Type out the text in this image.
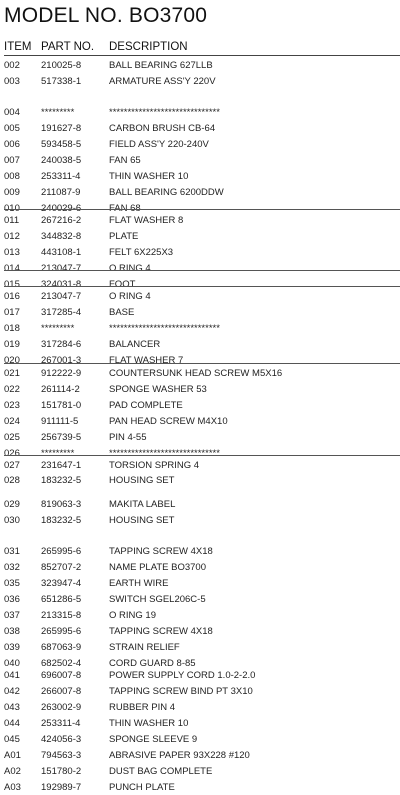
MODEL NO. BO3700
ITEM PART NO. DESCRIPTION
002 210025-8	BALL BEARING 627LLB
003 517338-1	ARMATURE ASS'Y 220V
004 *********	******************************
005 191627-8	CARBON BRUSH CB-64
006 593458-5	FIELD ASS'Y 220-240V
007 240038-5	FAN 65
008 253311-4	THIN WASHER 10
009 211087-9	BALL BEARING 6200DDW
010 240029-6	FAN 68
011 267216-2	FLAT WASHER 8
012 344832-8	PLATE
013 443108-1	FELT 6X225X3
014 213047-7	O RING 4
015 324031-8	FOOT
016 213047-7	O RING 4
017 317285-4	BASE
018 *********	******************************
019 317284-6	BALANCER
020 267001-3	FLAT WASHER 7
021 912222-9	COUNTERSUNK HEAD SCREW M5X16
022 261114-2	SPONGE WASHER 53
023 151781-0	PAD COMPLETE
024 911111-5	PAN HEAD SCREW M4X10
025 256739-5	PIN 4-55
026 *********	******************************
027 231647-1	TORSION SPRING 4
028 183232-5	HOUSING SET
029 819063-3	MAKITA LABEL
030 183232-5	HOUSING SET
031 265995-6	TAPPING SCREW 4X18
032 852707-2	NAME PLATE BO3700
035 323947-4	EARTH WIRE
036 651286-5	SWITCH SGEL206C-5
037 213315-8	O RING 19
038 265995-6	TAPPING SCREW 4X18
039 687063-9	STRAIN RELIEF
040 682502-4	CORD GUARD 8-85
041 696007-8	POWER SUPPLY CORD 1.0-2-2.0
042 266007-8	TAPPING SCREW BIND PT 3X10
043 263002-9	RUBBER PIN 4
044 253311-4	THIN WASHER 10
045 424056-3	SPONGE SLEEVE 9
A01 794563-3	ABRASIVE PAPER 93X228 #120
A02 151780-2	DUST BAG COMPLETE
A03 192989-7	PUNCH PLATE
